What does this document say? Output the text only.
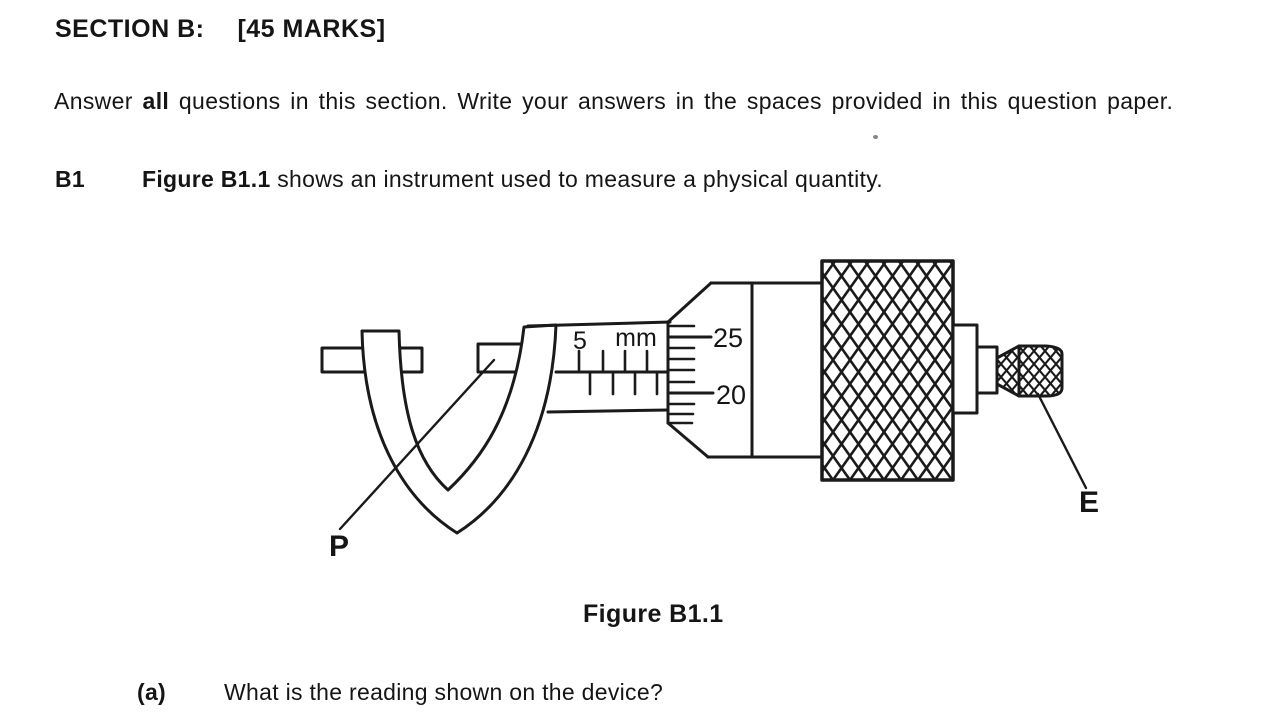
SECTION B: [45 MARKS]
Answer all questions in this section. Write your answers in the spaces provided in this question paper.
B1 Figure B1.1 shows an instrument used to measure a physical quantity.
5 mm 25
20
P
E
Figure B1.1
(a)	What is the reading shown on the device?
